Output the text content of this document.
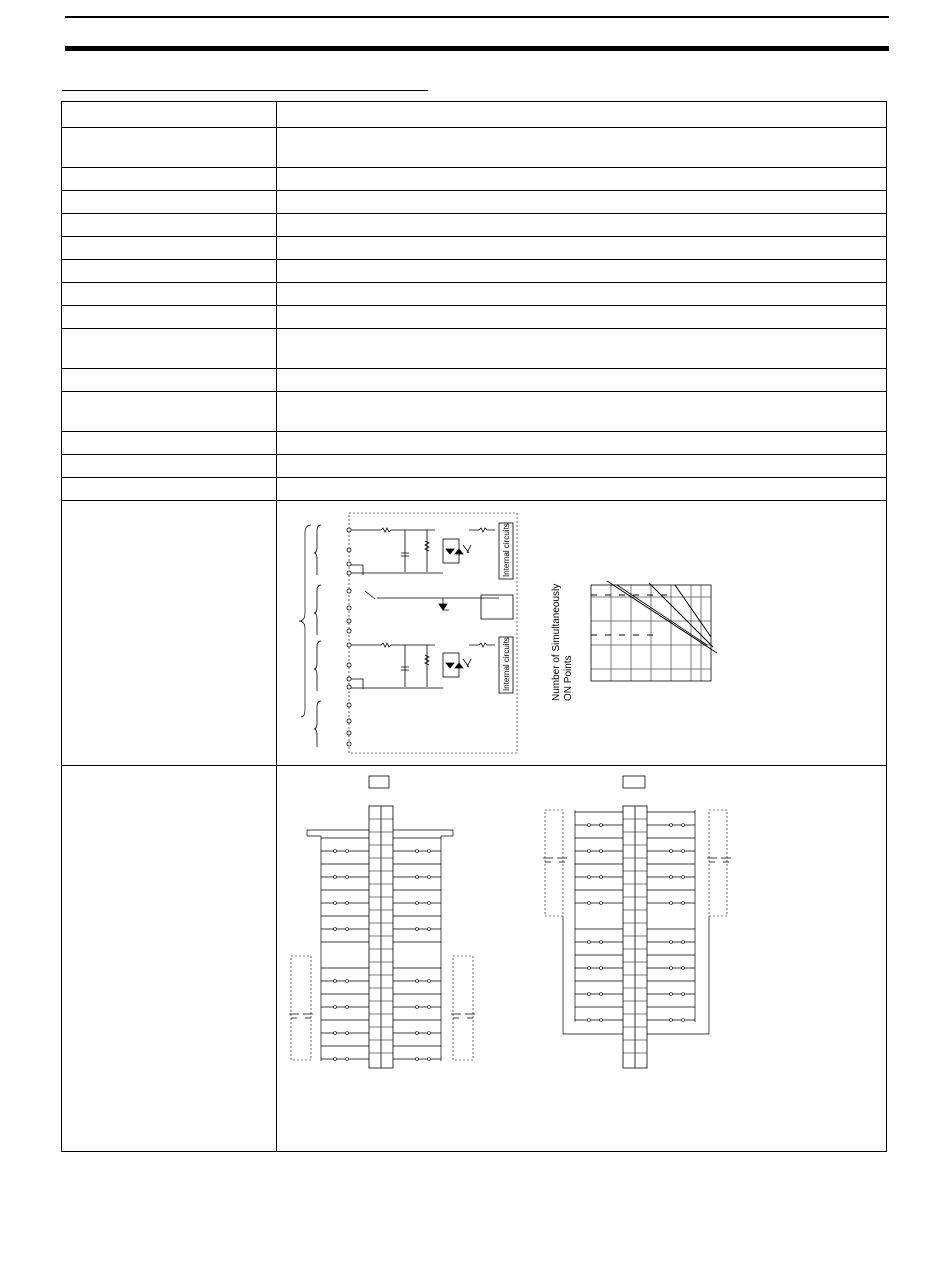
Internal circuits
Internal circuits Number of Simultaneously ON Points
